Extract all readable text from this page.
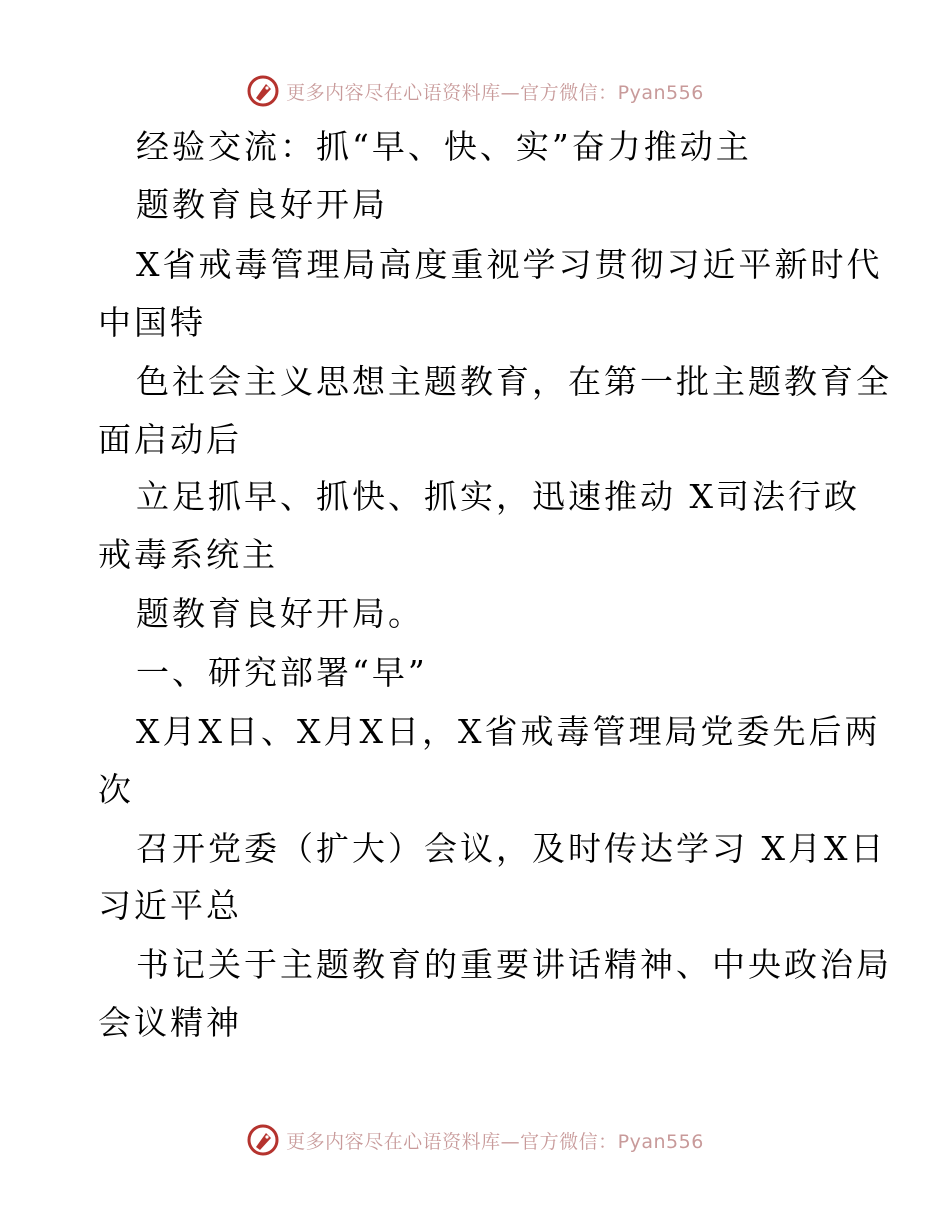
更多内容尽在心语资料库—官方微信：Pyan556
经验交流：抓“早、快、实”奋力推动主
题教育良好开局
X省戒毒管理局高度重视学习贯彻习近平新时代
中国特
色社会主义思想主题教育，在第一批主题教育全
面启动后
立足抓早、抓快、抓实，迅速推动 X司法行政
戒毒系统主
题教育良好开局。
一、研究部署“早”
X月X日、X月X日，X省戒毒管理局党委先后两
次
召开党委（扩大）会议，及时传达学习 X月X日
习近平总
书记关于主题教育的重要讲话精神、中央政治局
会议精神
更多内容尽在心语资料库—官方微信：Pyan556
